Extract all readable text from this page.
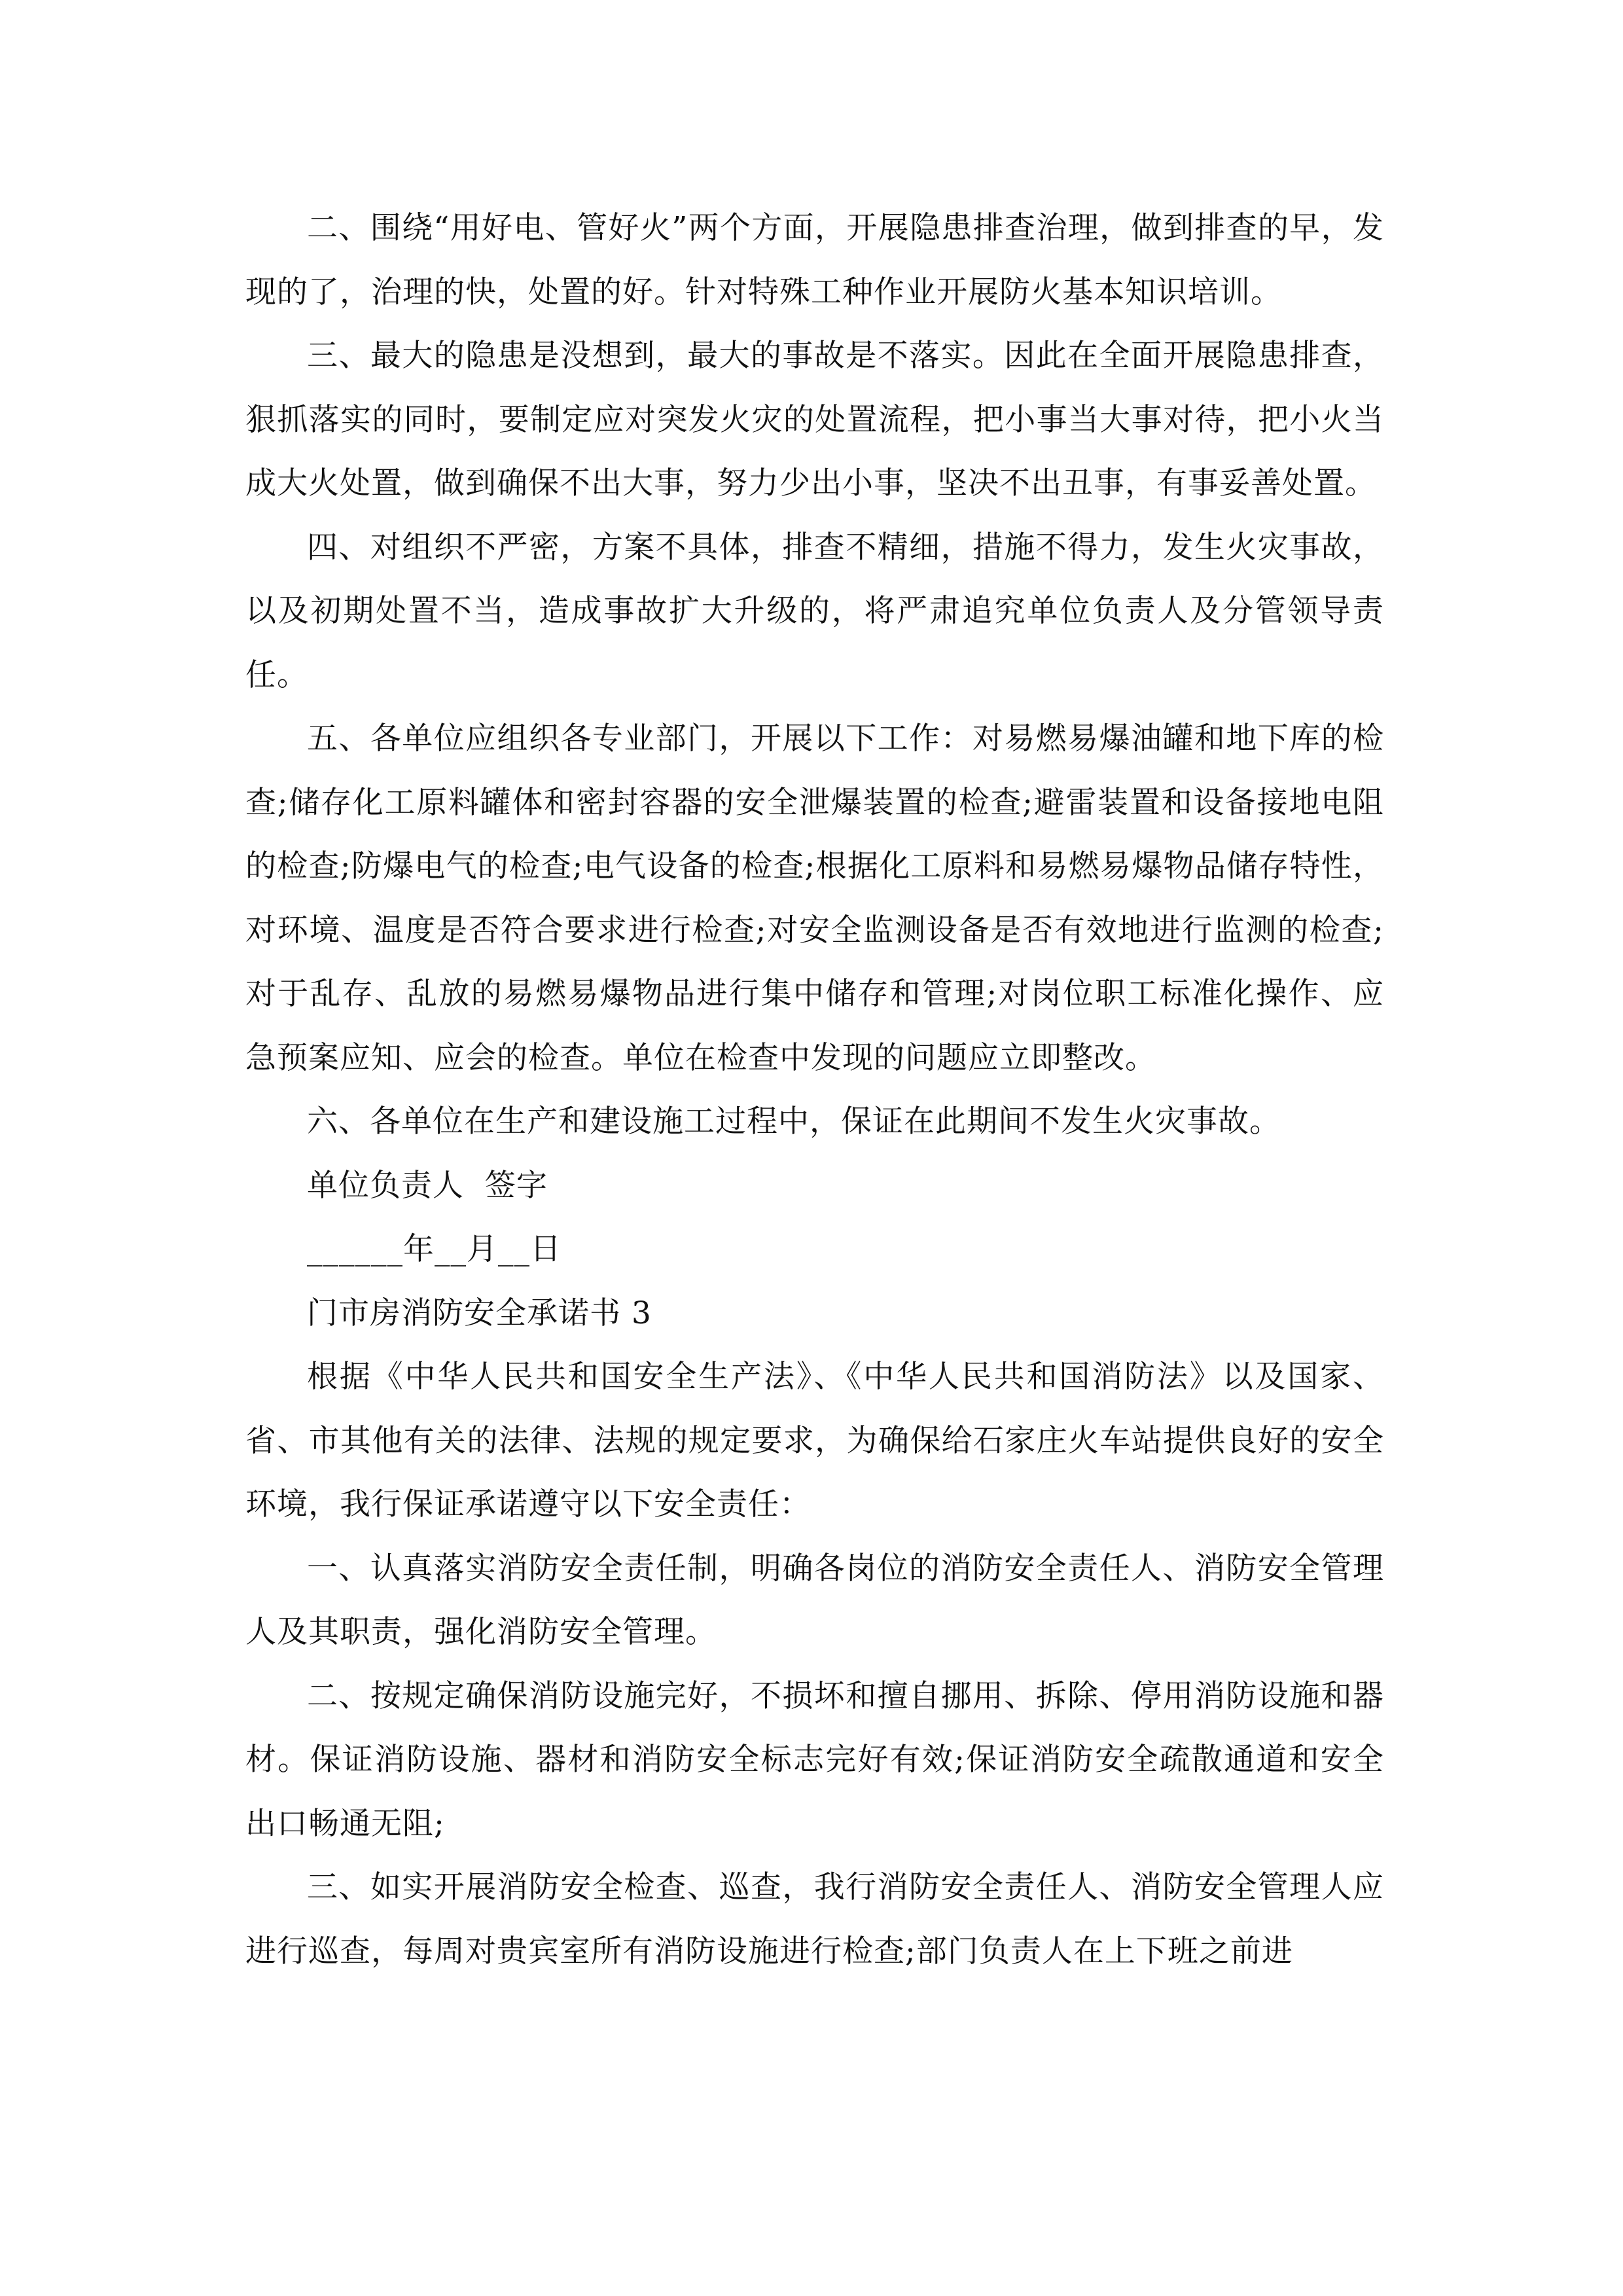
二、围绕“用好电、管好火”两个方面，开展隐患排查治理，做到排查的早，发现的了，治理的快，处置的好。针对特殊工种作业开展防火基本知识培训。

三、最大的隐患是没想到，最大的事故是不落实。因此在全面开展隐患排查，狠抓落实的同时，要制定应对突发火灾的处置流程，把小事当大事对待，把小火当成大火处置，做到确保不出大事，努力少出小事，坚决不出丑事，有事妥善处置。

四、对组织不严密，方案不具体，排查不精细，措施不得力，发生火灾事故，以及初期处置不当，造成事故扩大升级的，将严肃追究单位负责人及分管领导责任。

五、各单位应组织各专业部门，开展以下工作：对易燃易爆油罐和地下库的检查;储存化工原料罐体和密封容器的安全泄爆装置的检查;避雷装置和设备接地电阻的检查;防爆电气的检查;电气设备的检查;根据化工原料和易燃易爆物品储存特性，对环境、温度是否符合要求进行检查;对安全监测设备是否有效地进行监测的检查;对于乱存、乱放的易燃易爆物品进行集中储存和管理;对岗位职工标准化操作、应急预案应知、应会的检查。单位在检查中发现的问题应立即整改。

六、各单位在生产和建设施工过程中，保证在此期间不发生火灾事故。

单位负责人  签字

______年__月__日

门市房消防安全承诺书 3

根据《中华人民共和国安全生产法》、《中华人民共和国消防法》以及国家、省、市其他有关的法律、法规的规定要求，为确保给石家庄火车站提供良好的安全环境，我行保证承诺遵守以下安全责任：

一、认真落实消防安全责任制，明确各岗位的消防安全责任人、消防安全管理人及其职责，强化消防安全管理。

二、按规定确保消防设施完好，不损坏和擅自挪用、拆除、停用消防设施和器材。保证消防设施、器材和消防安全标志完好有效;保证消防安全疏散通道和安全出口畅通无阻;

三、如实开展消防安全检查、巡查，我行消防安全责任人、消防安全管理人应进行巡查，每周对贵宾室所有消防设施进行检查;部门负责人在上下班之前进
